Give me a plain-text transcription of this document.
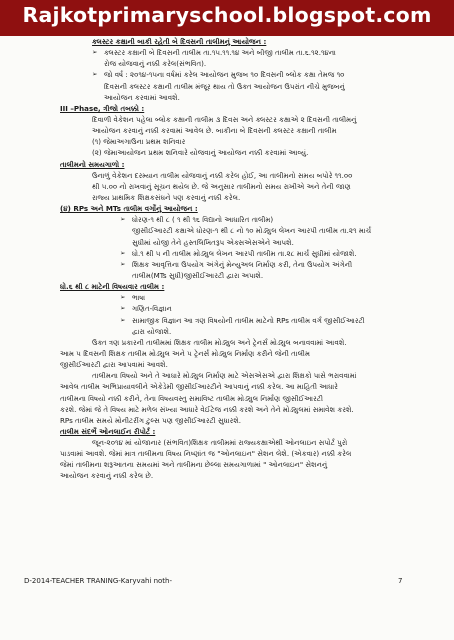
Rajkotprimaryschool.blogspot.com
ક્લસ્ટર કક્ષાની બાકી રહેતી બે દિવસની તાલીમનું આયોજન :
➢ ક્લસ્ટર કક્ષાની બે દિવસની તાલીમ તા.૧૫.૧૧.૧૪ અને બીજી તાલીમ તા.૬.૧૨.૧૪ના
રોજ યોજવાનું નક્કી કરેલ(સંભવિત).
➢ જો વર્ષ : ૨૦૧૪-૧૫ના વર્ષમાં કરેલ આયોજન મુજબ ૧૦ દિવસની બ્લોક કક્ષા તેમજ ૧૦
દિવસની ક્લસ્ટર કક્ષાની તાલીમ મંજૂર થાય તો ઉક્ત આયોજન ઉપરાંત નીચે મુજબનું
આયોજન કરવામાં આવશે.
III –Phase, ત્રીજો તબક્કો :
દિવાળી વેકેશન પહેલા બ્લોક કક્ષાની તાલીમ ૩ દિવસ અને ક્લસ્ટર કક્ષાએ ૨ દિવસની તાલીમનું
આયોજન કરવાનું નક્કી કરવામાં આવેલ છે. બાકીના બે દિવસની ક્લસ્ટર કક્ષાની તાલીમ
(૧) જેમાઅગાઉના પ્રથમ શનિવાર
(૨) જેમાઆયોજન પ્રથમ શનિવારે યોજવાનું આયોજન નક્કી કરવામાં આવ્યું.
તાલીમનો સમયગાળો :
ઉનાળું વેકેશન દરમ્યાન તાલીમ યોજવાનું નક્કી કરેલ હોઈ, આ તાલીમનો સમય બપોરે ૧૧.૦૦
થી ૫.૦૦ નો રાખવાનું સૂચન થયેલ છે. જે અનુસાર તાલીમનો સમય રાખીએ અને તેની જાણ
રાજ્ય પ્રાથમિક શિક્ષકસંઘને પણ કરવાનું નક્કી કરેલ.
(૪) RPs અને MTs તાલીમ વર્ગોનું આયોજન :
➢ ધોરણ-૧ થી ૮ ( ૧ થી ૧૬ વિદ્યાનો આધારિત તાલીમ)
જીસીઈઆરટી કક્ષાએ ધોરણ-૧ થી ૮ નો ૧૦ મોડ્યુલ લેખન આરપી તાલીમ તા.૨૧ માર્ચ
સુધીમાં યોજી તેને હસ્તલિખિતરૂપ એક્સએસએને આપશે.
➢ ધો.૧ થી ૫ ની તાલીમ મોડ્યુલ લેખન આરપી તાલીમ તા.૨૮ માર્ચ સુધીમાં યોજાશે.
➢ શિક્ષક આવૃત્તિના ઉપયોગ અંગેનું મેન્યુઅલ નિર્માણ કરી, તેના ઉપયોગ અંગેની
તાલીમ(MTs સુધી)જીસીઈઆરટી દ્વારા અપાશે.
ધો.૬ થી ૮ માટેની વિષયવાર તાલીમ :
➢ ભાષા
➢ ગણિત-વિજ્ઞાન
➢ સામાજીક વિજ્ઞાન આ ત્રણ વિષયોની તાલીમ માટેનો RPs તાલીમ વર્ગ જીસીઈઆરટી
દ્વારા યોજાશે.
ઉક્ત ત્રણ પ્રકારની તાલીમમાં શિક્ષક તાલીમ મોડ્યુલ અને ટ્રેનર્સ મોડ્યુલ બનાવવામાં આવશે.
આમ ૫ દિવસની શિક્ષક તાલીમ મોડ્યુલ અને ૫ ટ્રેનર્સ મોડ્યુલ નિર્માણ કરીને જેની તાલીમ
જીસીઈઆરટી દ્વારા આપવામાં આવશે.
તાલીમના વિષયો અને તે આધારે મોડ્યુલ નિર્માણ માટે એસએસએ દ્વારા શિક્ષકો પાસે ભરાવવામાં
આવેલ તાલીમ અભિપ્રાયાવલીને એકેડેમી જીસીઈઆરટીને આપવાનું નક્કી કરેલ. આ માહિતી આધારે
તાલીમના વિષયો નક્કી કરીને, તેના વિષયવસ્તુ સમાવિષ્ટ તાલીમ મોડ્યુલ નિર્માણ જીસીઈઆરટી
કરશે. જેમાં જે તે વિષય માટે મળેલ સંખ્યા આધારે વેઈટેજ નક્કી કરશે અને તેને મોડ્યુલમાં સમાવેશ કરશે.
RPs તાલીમ સમયે મોનીટરીંગ ટુલ્સ પણ જીસીઈઆરટી સુધારશે.
તાલીમ સંદર્ભે ઓનલાઈન રીપોર્ટ :
જૂન-૨૦૧૪ માં યોજાનાર (સંભવિત)શિક્ષક તાલીમમાં રાજ્યકક્ષાએથી ઓનલાઇન સપોર્ટ પુરો
પાડવામાં આવશે. જેમાં માત્ર તાલીમના વિષય નિષ્ણાંત જ "ઓનલાઇન" સેશન લેશે. (એકવાર) નક્કી કરેલ
જેમાં તાલીમના શરૂઆતના સમયમાં અને તાલીમના છેલ્લા સમયગાળામાં " ઓનલાઇન" સેશનનું
આયોજન કરવાનું નક્કી કરેલ છે.
D-2014-TEACHER TRANING-Karyvahi noth-	7
